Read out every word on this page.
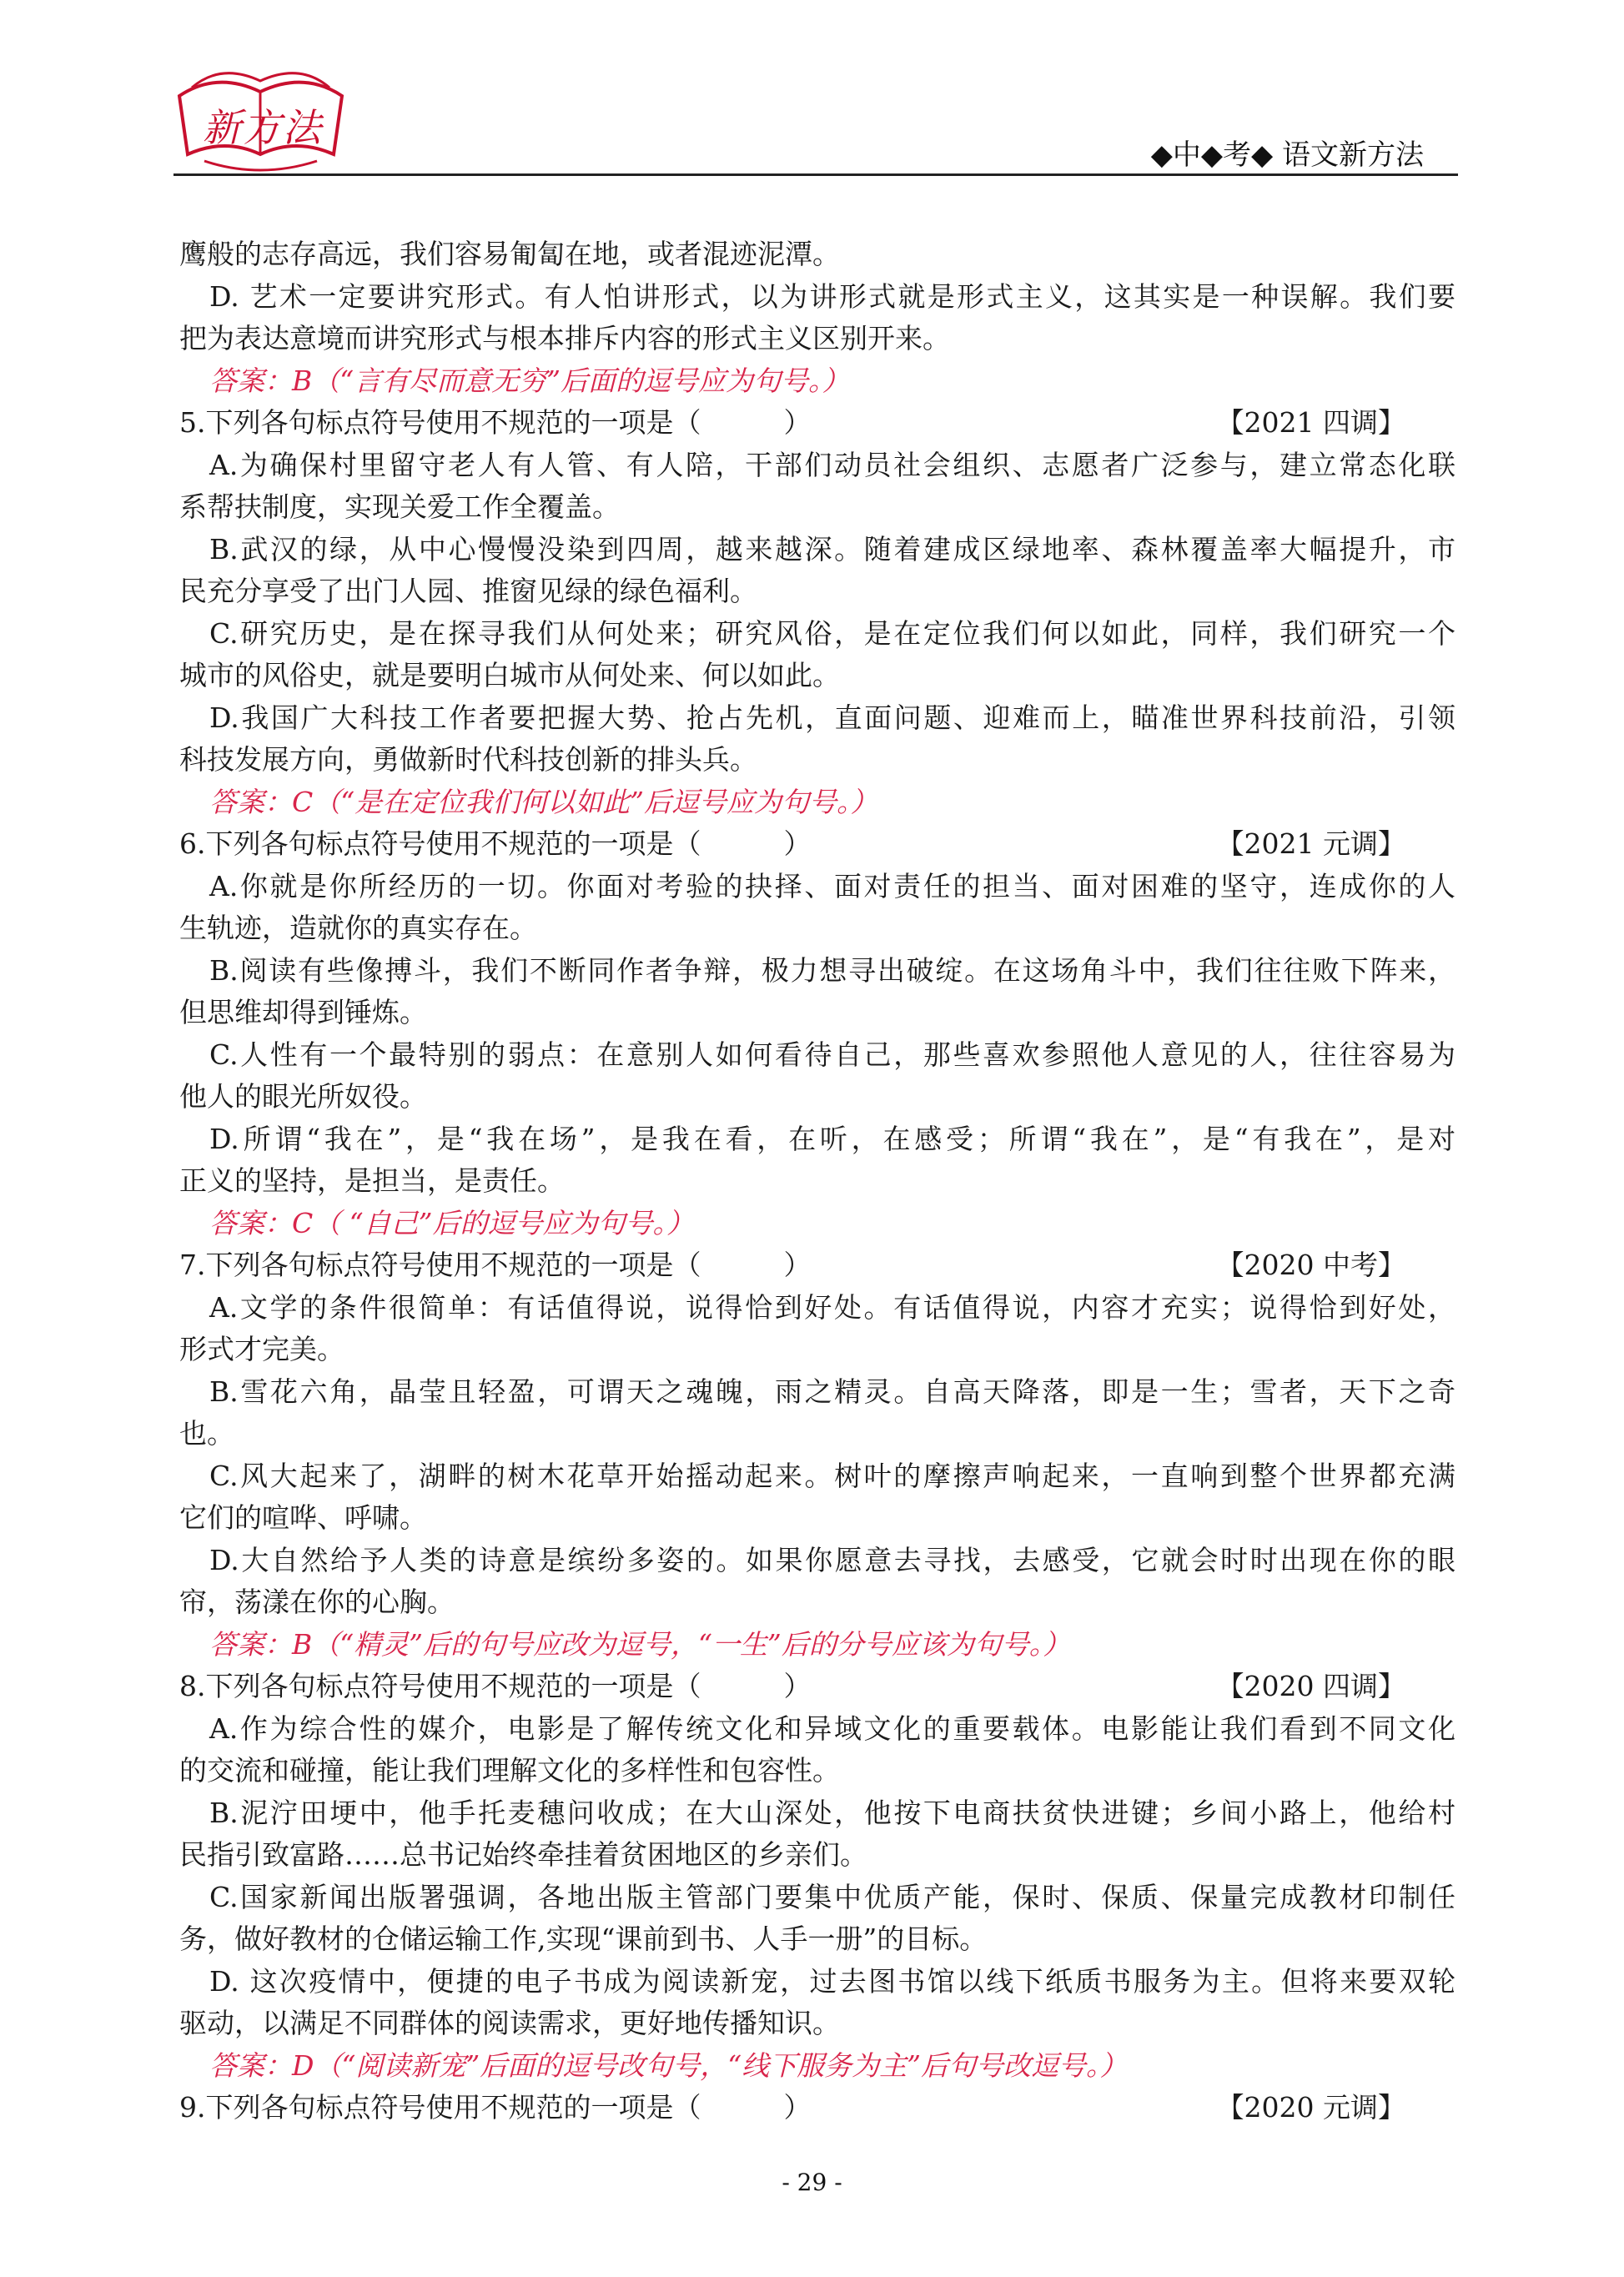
新方法
◆中◆考◆ 语文新方法
鹰般的志存高远，我们容易匍匐在地，或者混迹泥潭。
D. 艺术一定要讲究形式。有人怕讲形式，以为讲形式就是形式主义，这其实是一种误解。我们要
把为表达意境而讲究形式与根本排斥内容的形式主义区别开来。
答案：B（“言有尽而意无穷”后面的逗号应为句号。）
5.下列各句标点符号使用不规范的一项是（　　　）	【2021 四调】
A.为确保村里留守老人有人管、有人陪，干部们动员社会组织、志愿者广泛参与，建立常态化联
系帮扶制度，实现关爱工作全覆盖。
B.武汉的绿，从中心慢慢没染到四周，越来越深。随着建成区绿地率、森林覆盖率大幅提升，市
民充分享受了出门人园、推窗见绿的绿色福利。
C.研究历史，是在探寻我们从何处来；研究风俗，是在定位我们何以如此，同样，我们研究一个
城市的风俗史，就是要明白城市从何处来、何以如此。
D.我国广大科技工作者要把握大势、抢占先机，直面问题、迎难而上，瞄准世界科技前沿，引领
科技发展方向，勇做新时代科技创新的排头兵。
答案：C（“是在定位我们何以如此”后逗号应为句号。）
6.下列各句标点符号使用不规范的一项是（　　　）	【2021 元调】
A.你就是你所经历的一切。你面对考验的抉择、面对责任的担当、面对困难的坚守，连成你的人
生轨迹，造就你的真实存在。
B.阅读有些像搏斗，我们不断同作者争辩，极力想寻出破绽。在这场角斗中，我们往往败下阵来，
但思维却得到锤炼。
C.人性有一个最特别的弱点：在意别人如何看待自己，那些喜欢参照他人意见的人，往往容易为
他人的眼光所奴役。
D.所谓“我在”，是“我在场”，是我在看，在听，在感受；所谓“我在”，是“有我在”，是对
正义的坚持，是担当，是责任。
答案：C（ “自己”后的逗号应为句号。）
7.下列各句标点符号使用不规范的一项是（　　　）	【2020 中考】
A.文学的条件很简单：有话值得说，说得恰到好处。有话值得说，内容才充实；说得恰到好处，
形式才完美。
B.雪花六角，晶莹且轻盈，可谓天之魂魄，雨之精灵。自高天降落，即是一生；雪者，天下之奇
也。
C.风大起来了，湖畔的树木花草开始摇动起来。树叶的摩擦声响起来，一直响到整个世界都充满
它们的喧哗、呼啸。
D.大自然给予人类的诗意是缤纷多姿的。如果你愿意去寻找，去感受，它就会时时出现在你的眼
帘，荡漾在你的心胸。
答案：B（“精灵”后的句号应改为逗号，“一生”后的分号应该为句号。）
8.下列各句标点符号使用不规范的一项是（　　　）	【2020 四调】
A.作为综合性的媒介，电影是了解传统文化和异域文化的重要载体。电影能让我们看到不同文化
的交流和碰撞，能让我们理解文化的多样性和包容性。
B.泥泞田埂中，他手托麦穗问收成；在大山深处，他按下电商扶贫快进键；乡间小路上，他给村
民指引致富路……总书记始终牵挂着贫困地区的乡亲们。
C.国家新闻出版署强调，各地出版主管部门要集中优质产能，保时、保质、保量完成教材印制任
务，做好教材的仓储运输工作,实现“课前到书、人手一册”的目标。
D. 这次疫情中，便捷的电子书成为阅读新宠，过去图书馆以线下纸质书服务为主。但将来要双轮
驱动，以满足不同群体的阅读需求，更好地传播知识。
答案：D（“阅读新宠”后面的逗号改句号，“线下服务为主”后句号改逗号。）
9.下列各句标点符号使用不规范的一项是（　　　）	【2020 元调】
- 29 -
